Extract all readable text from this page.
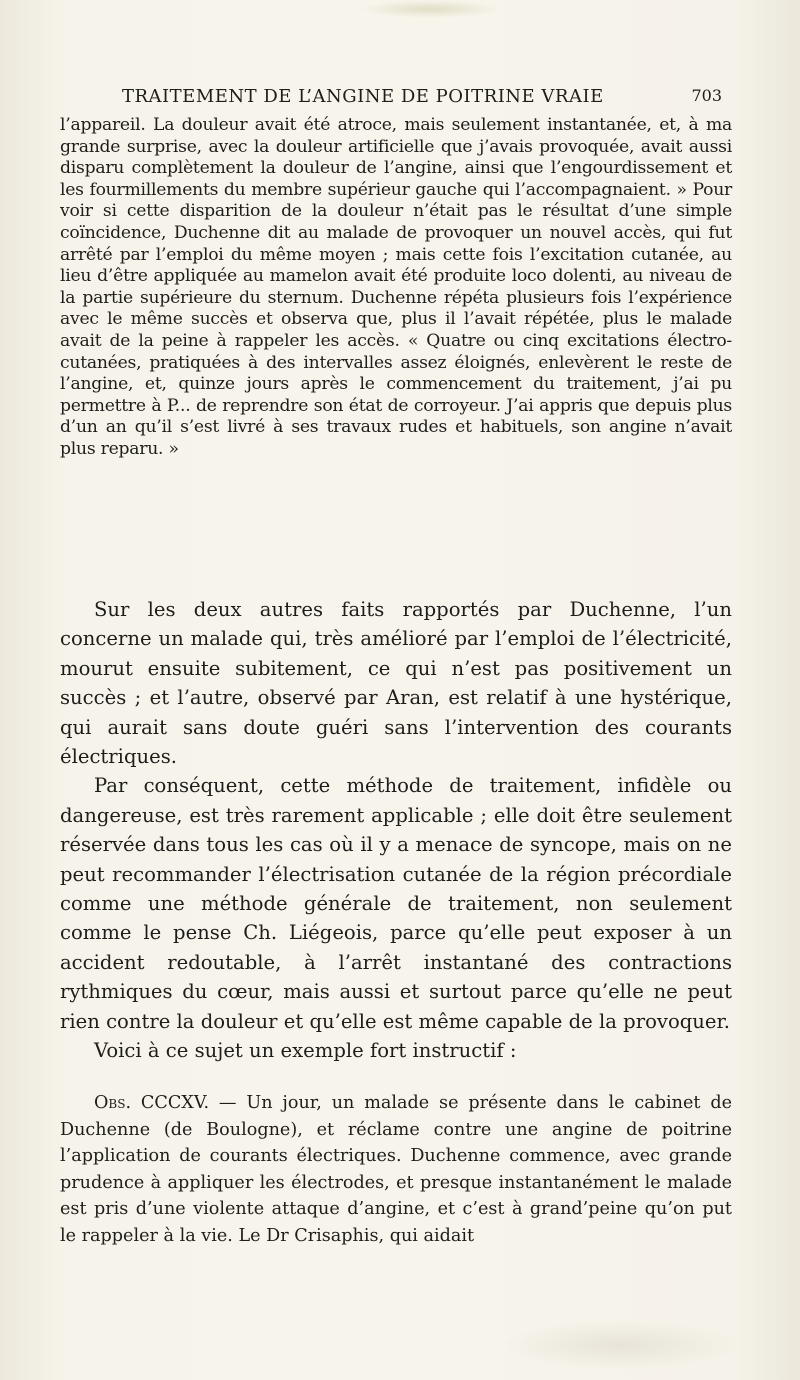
TRAITEMENT DE L’ANGINE DE POITRINE VRAIE	703

l’appareil. La douleur avait été atroce, mais seulement instantanée, et, à ma grande surprise, avec la douleur artificielle que j’avais provoquée, avait aussi disparu complètement la douleur de l’angine, ainsi que l’engourdissement et les fourmillements du membre supérieur gauche qui l’accompagnaient. » Pour voir si cette disparition de la douleur n’était pas le résultat d’une simple coïncidence, Duchenne dit au malade de provoquer un nouvel accès, qui fut arrêté par l’emploi du même moyen ; mais cette fois l’excitation cutanée, au lieu d’être appliquée au mamelon avait été produite loco dolenti, au niveau de la partie supérieure du sternum. Duchenne répéta plusieurs fois l’expérience avec le même succès et observa que, plus il l’avait répétée, plus le malade avait de la peine à rappeler les accès. « Quatre ou cinq excitations électro-cutanées, pratiquées à des intervalles assez éloignés, enlevèrent le reste de l’angine, et, quinze jours après le commencement du traitement, j’ai pu permettre à P... de reprendre son état de corroyeur. J’ai appris que depuis plus d’un an qu’il s’est livré à ses travaux rudes et habituels, son angine n’avait plus reparu. »

Sur les deux autres faits rapportés par Duchenne, l’un concerne un malade qui, très amélioré par l’emploi de l’électricité, mourut ensuite subitement, ce qui n’est pas positivement un succès ; et l’autre, observé par Aran, est relatif à une hystérique, qui aurait sans doute guéri sans l’intervention des courants électriques.

Par conséquent, cette méthode de traitement, infidèle ou dangereuse, est très rarement applicable ; elle doit être seulement réservée dans tous les cas où il y a menace de syncope, mais on ne peut recommander l’électrisation cutanée de la région précordiale comme une méthode générale de traitement, non seulement comme le pense Ch. Liégeois, parce qu’elle peut exposer à un accident redoutable, à l’arrêt instantané des contractions rythmiques du cœur, mais aussi et surtout parce qu’elle ne peut rien contre la douleur et qu’elle est même capable de la provoquer.

Voici à ce sujet un exemple fort instructif :

Obs. CCCXV. — Un jour, un malade se présente dans le cabinet de Duchenne (de Boulogne), et réclame contre une angine de poitrine l’application de courants électriques. Duchenne commence, avec grande prudence à appliquer les électrodes, et presque instantanément le malade est pris d’une violente attaque d’angine, et c’est à grand’peine qu’on put le rappeler à la vie. Le Dr Crisaphis, qui aidait
